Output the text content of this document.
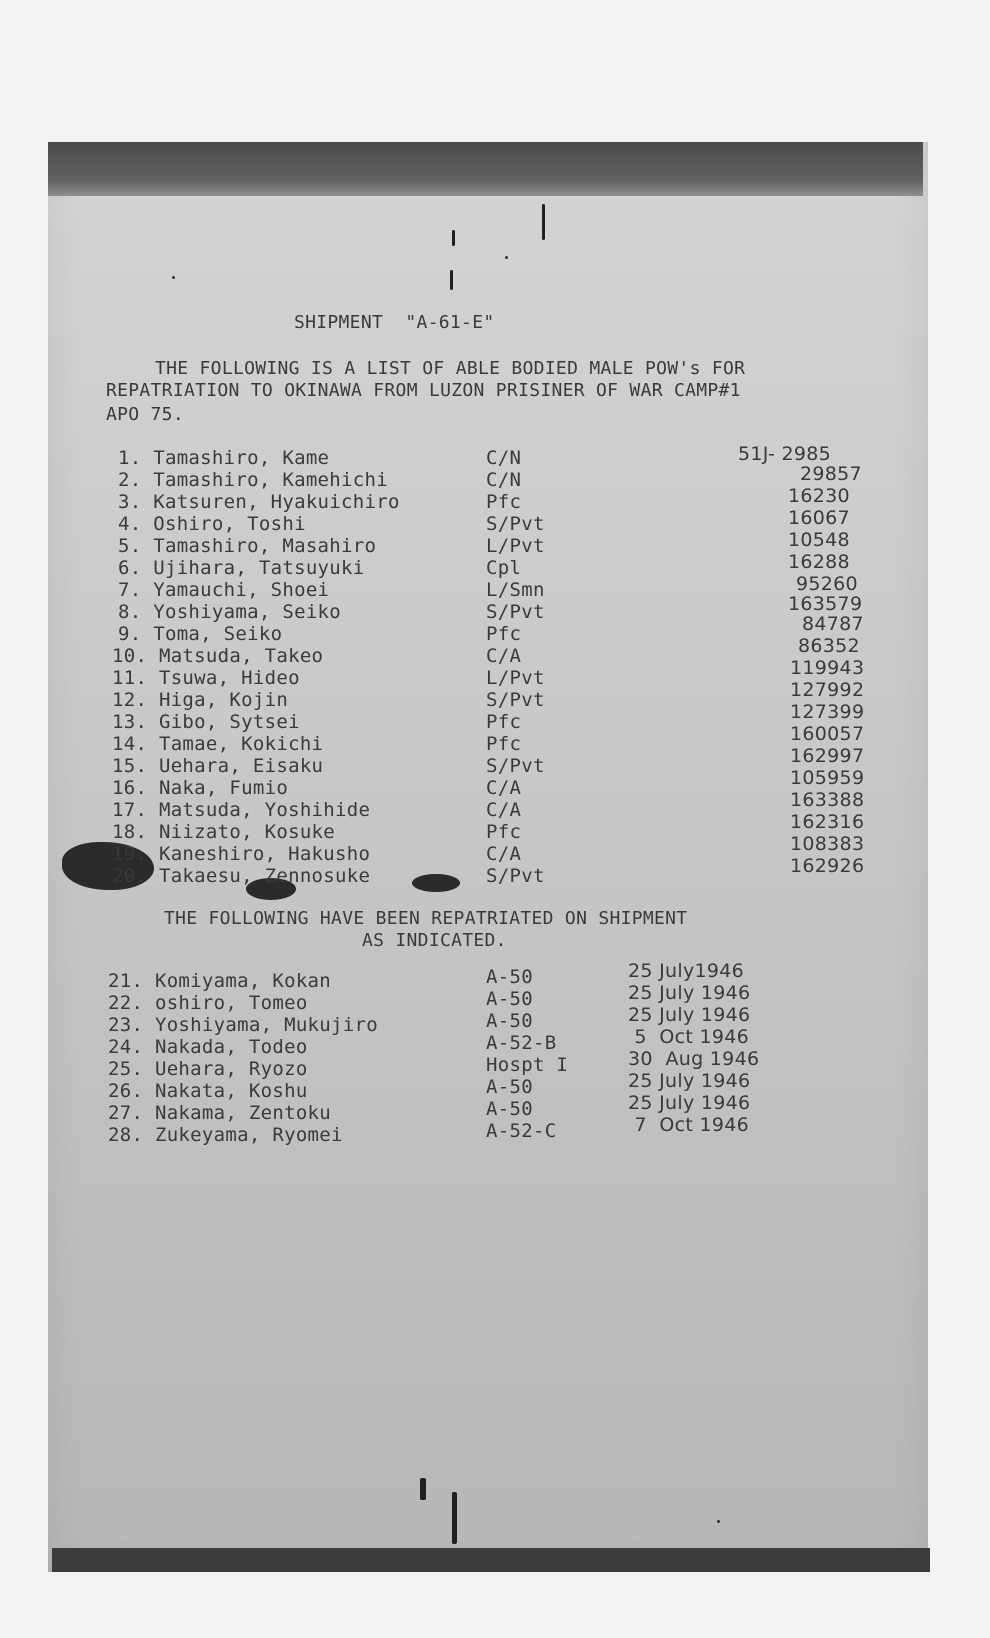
SHIPMENT  "A-61-E"
THE FOLLOWING IS A LIST OF ABLE BODIED MALE POW's FOR
REPATRIATION TO OKINAWA FROM LUZON PRISINER OF WAR CAMP#1
APO 75.
1. Tamashiro, Kame	C/N	51J- 2985
2. Tamashiro, Kamehichi	C/N	29857
3. Katsuren, Hyakuichiro	Pfc	16230
4. Oshiro, Toshi	S/Pvt	16067
5. Tamashiro, Masahiro	L/Pvt	10548
6. Ujihara, Tatsuyuki	Cpl	16288
7. Yamauchi, Shoei	L/Smn	95260
8. Yoshiyama, Seiko	S/Pvt	163579
9. Toma, Seiko	Pfc	84787
10. Matsuda, Takeo	C/A	86352
11. Tsuwa, Hideo	L/Pvt	119943
12. Higa, Kojin	S/Pvt	127992
13. Gibo, Sytsei	Pfc	127399
14. Tamae, Kokichi	Pfc	160057
15. Uehara, Eisaku	S/Pvt	162997
16. Naka, Fumio	C/A	105959
17. Matsuda, Yoshihide	C/A	163388
18. Niizato, Kosuke	Pfc	162316
19. Kaneshiro, Hakusho	C/A	108383
20. Takaesu, Zennosuke	S/Pvt	162926
THE FOLLOWING HAVE BEEN REPATRIATED ON SHIPMENT
AS INDICATED.
21. Komiyama, Kokan	A-50	25 July1946
22. oshiro, Tomeo	A-50	25 July 1946
23. Yoshiyama, Mukujiro	A-50	25 July 1946
24. Nakada, Todeo	A-52-B	5  Oct 1946
25. Uehara, Ryozo	Hospt I	30  Aug 1946
26. Nakata, Koshu	A-50	25 July 1946
27. Nakama, Zentoku	A-50	25 July 1946
28. Zukeyama, Ryomei	A-52-C	7  Oct 1946
